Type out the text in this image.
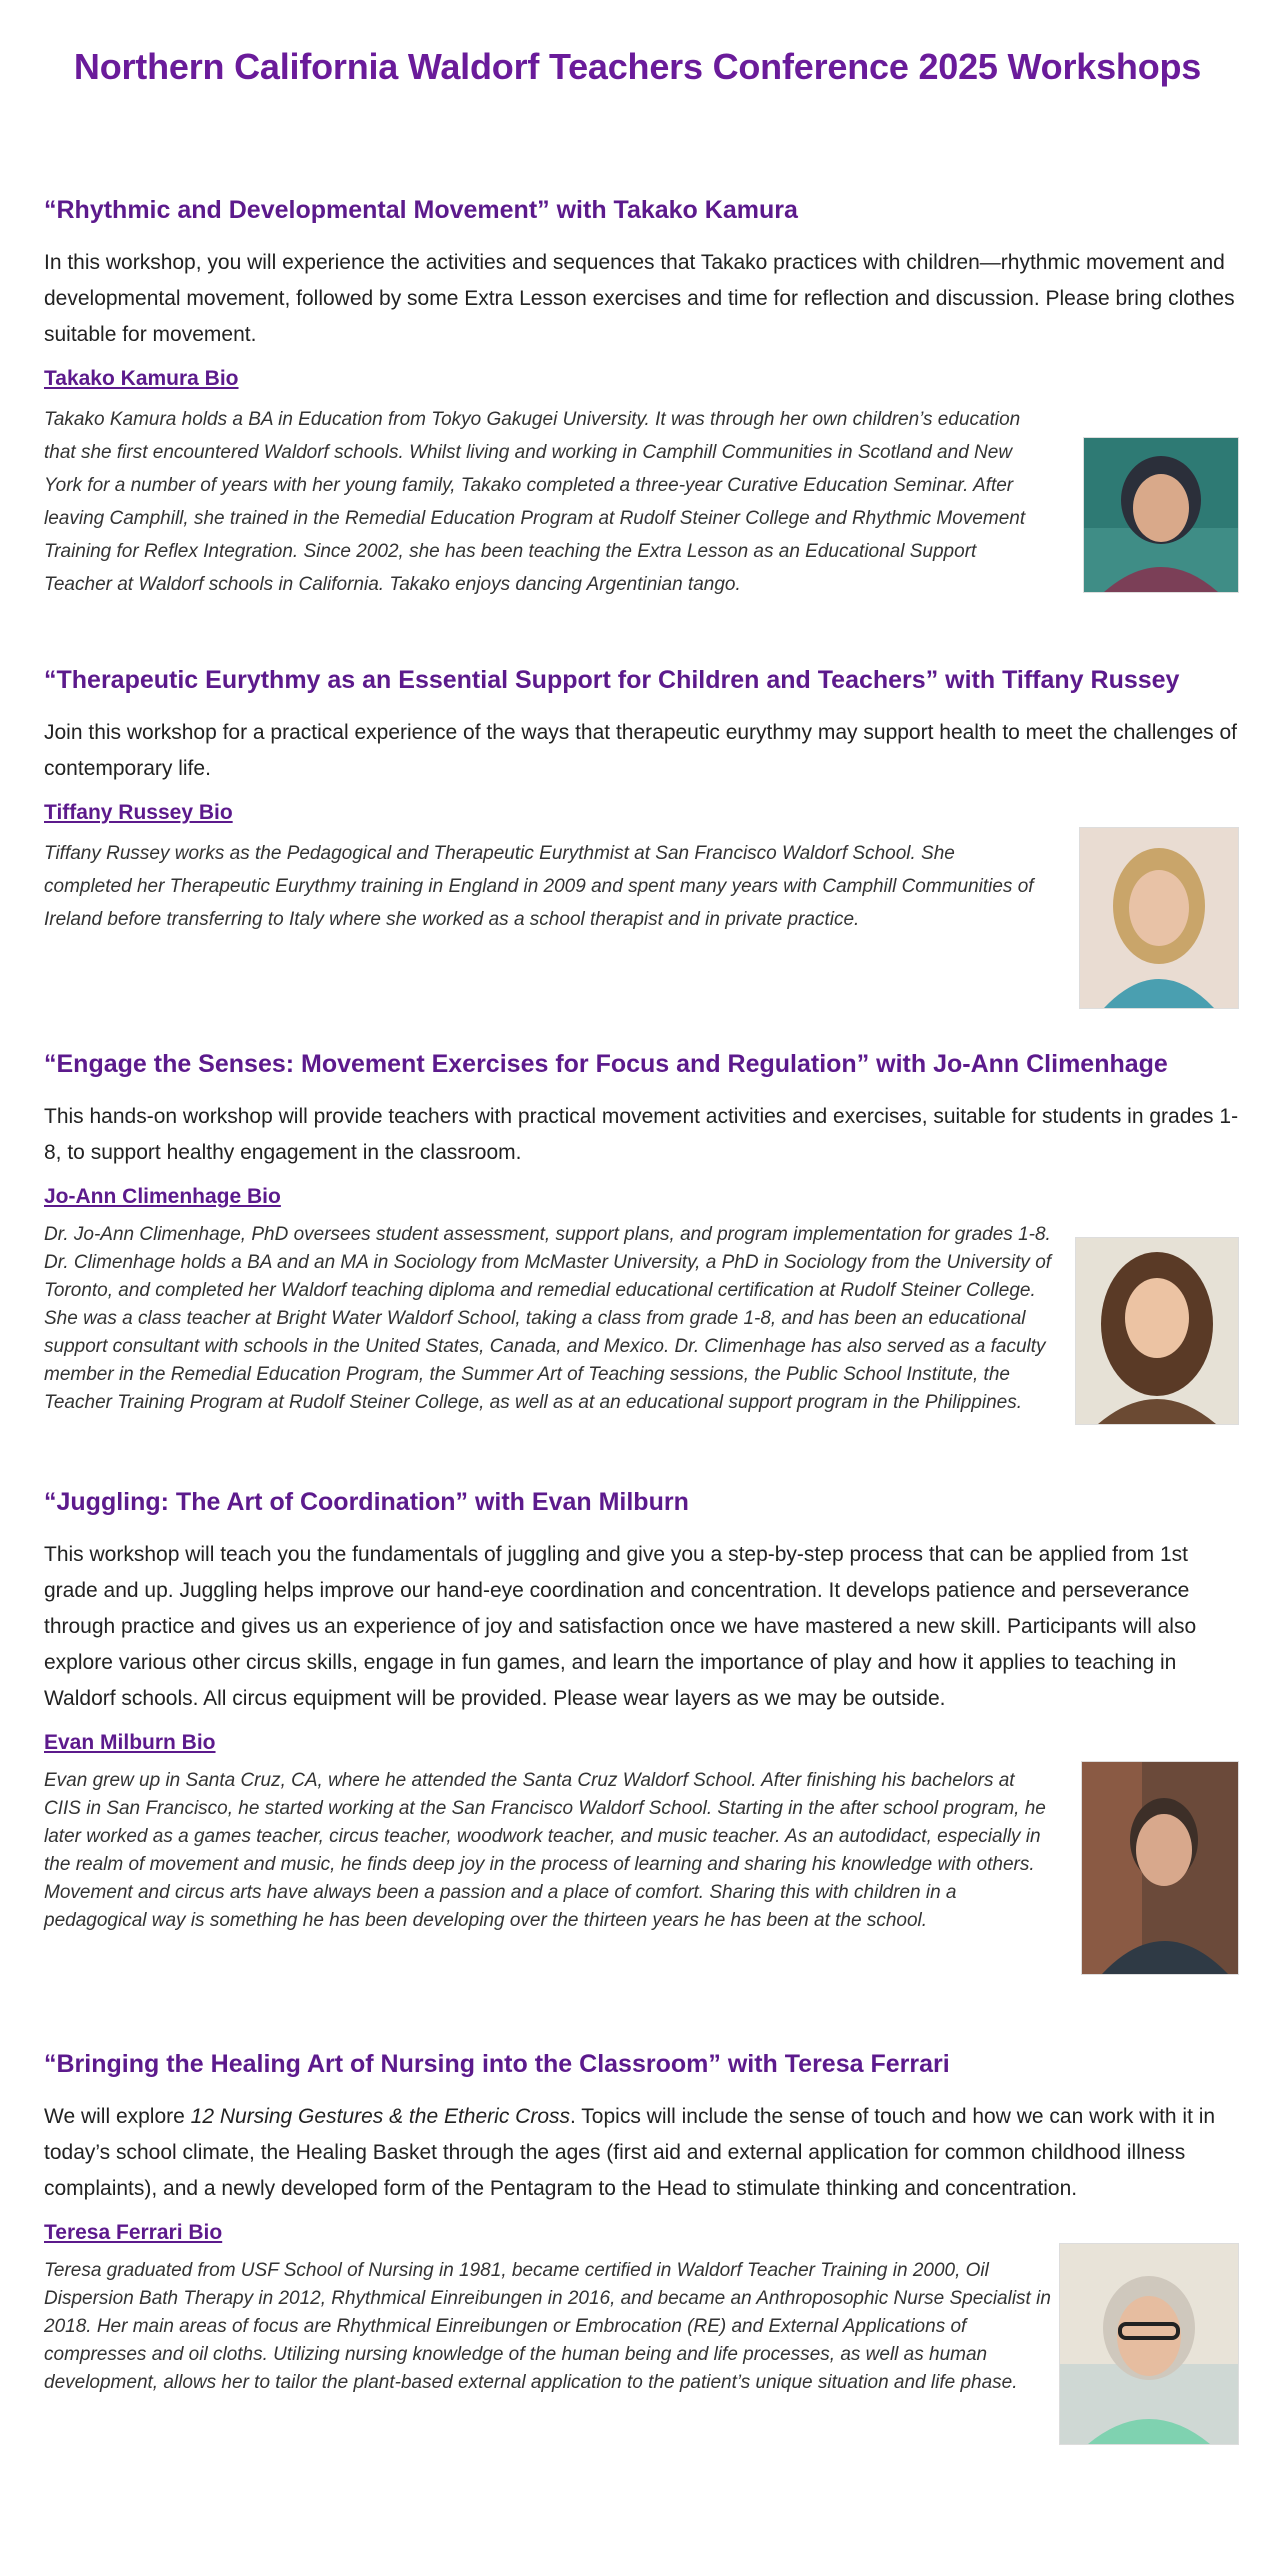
Northern California Waldorf Teachers Conference 2025 Workshops
“Rhythmic and Developmental Movement” with Takako Kamura
In this workshop, you will experience the activities and sequences that Takako practices with children—rhythmic movement and developmental movement, followed by some Extra Lesson exercises and time for reflection and discussion. Please bring clothes suitable for movement.
Takako Kamura Bio
Takako Kamura holds a BA in Education from Tokyo Gakugei University. It was through her own children’s education that she first encountered Waldorf schools. Whilst living and working in Camphill Communities in Scotland and New York for a number of years with her young family, Takako completed a three-year Curative Education Seminar. After leaving Camphill, she trained in the Remedial Education Program at Rudolf Steiner College and Rhythmic Movement Training for Reflex Integration. Since 2002, she has been teaching the Extra Lesson as an Educational Support Teacher at Waldorf schools in California. Takako enjoys dancing Argentinian tango.
“Therapeutic Eurythmy as an Essential Support for Children and Teachers” with Tiffany Russey
Join this workshop for a practical experience of the ways that therapeutic eurythmy may support health to meet the challenges of contemporary life.
Tiffany Russey Bio
Tiffany Russey works as the Pedagogical and Therapeutic Eurythmist at San Francisco Waldorf School. She completed her Therapeutic Eurythmy training in England in 2009 and spent many years with Camphill Communities of Ireland before transferring to Italy where she worked as a school therapist and in private practice.
“Engage the Senses: Movement Exercises for Focus and Regulation” with Jo-Ann Climenhage
This hands-on workshop will provide teachers with practical movement activities and exercises, suitable for students in grades 1-8, to support healthy engagement in the classroom.
Jo-Ann Climenhage Bio
Dr. Jo-Ann Climenhage, PhD oversees student assessment, support plans, and program implementation for grades 1-8. Dr. Climenhage holds a BA and an MA in Sociology from McMaster University, a PhD in Sociology from the University of Toronto, and completed her Waldorf teaching diploma and remedial educational certification at Rudolf Steiner College. She was a class teacher at Bright Water Waldorf School, taking a class from grade 1-8, and has been an educational support consultant with schools in the United States, Canada, and Mexico. Dr. Climenhage has also served as a faculty member in the Remedial Education Program, the Summer Art of Teaching sessions, the Public School Institute, the Teacher Training Program at Rudolf Steiner College, as well as at an educational support program in the Philippines.
“Juggling: The Art of Coordination” with Evan Milburn
This workshop will teach you the fundamentals of juggling and give you a step-by-step process that can be applied from 1st grade and up. Juggling helps improve our hand-eye coordination and concentration. It develops patience and perseverance through practice and gives us an experience of joy and satisfaction once we have mastered a new skill. Participants will also explore various other circus skills, engage in fun games, and learn the importance of play and how it applies to teaching in Waldorf schools. All circus equipment will be provided. Please wear layers as we may be outside.
Evan Milburn Bio
Evan grew up in Santa Cruz, CA, where he attended the Santa Cruz Waldorf School. After finishing his bachelors at CIIS in San Francisco, he started working at the San Francisco Waldorf School. Starting in the after school program, he later worked as a games teacher, circus teacher, woodwork teacher, and music teacher. As an autodidact, especially in the realm of movement and music, he finds deep joy in the process of learning and sharing his knowledge with others. Movement and circus arts have always been a passion and a place of comfort. Sharing this with children in a pedagogical way is something he has been developing over the thirteen years he has been at the school.
“Bringing the Healing Art of Nursing into the Classroom” with Teresa Ferrari
We will explore 12 Nursing Gestures & the Etheric Cross. Topics will include the sense of touch and how we can work with it in today’s school climate, the Healing Basket through the ages (first aid and external application for common childhood illness complaints), and a newly developed form of the Pentagram to the Head to stimulate thinking and concentration.
Teresa Ferrari Bio
Teresa graduated from USF School of Nursing in 1981, became certified in Waldorf Teacher Training in 2000, Oil Dispersion Bath Therapy in 2012, Rhythmical Einreibungen in 2016, and became an Anthroposophic Nurse Specialist in 2018. Her main areas of focus are Rhythmical Einreibungen or Embrocation (RE) and External Applications of compresses and oil cloths. Utilizing nursing knowledge of the human being and life processes, as well as human development, allows her to tailor the plant-based external application to the patient’s unique situation and life phase.
